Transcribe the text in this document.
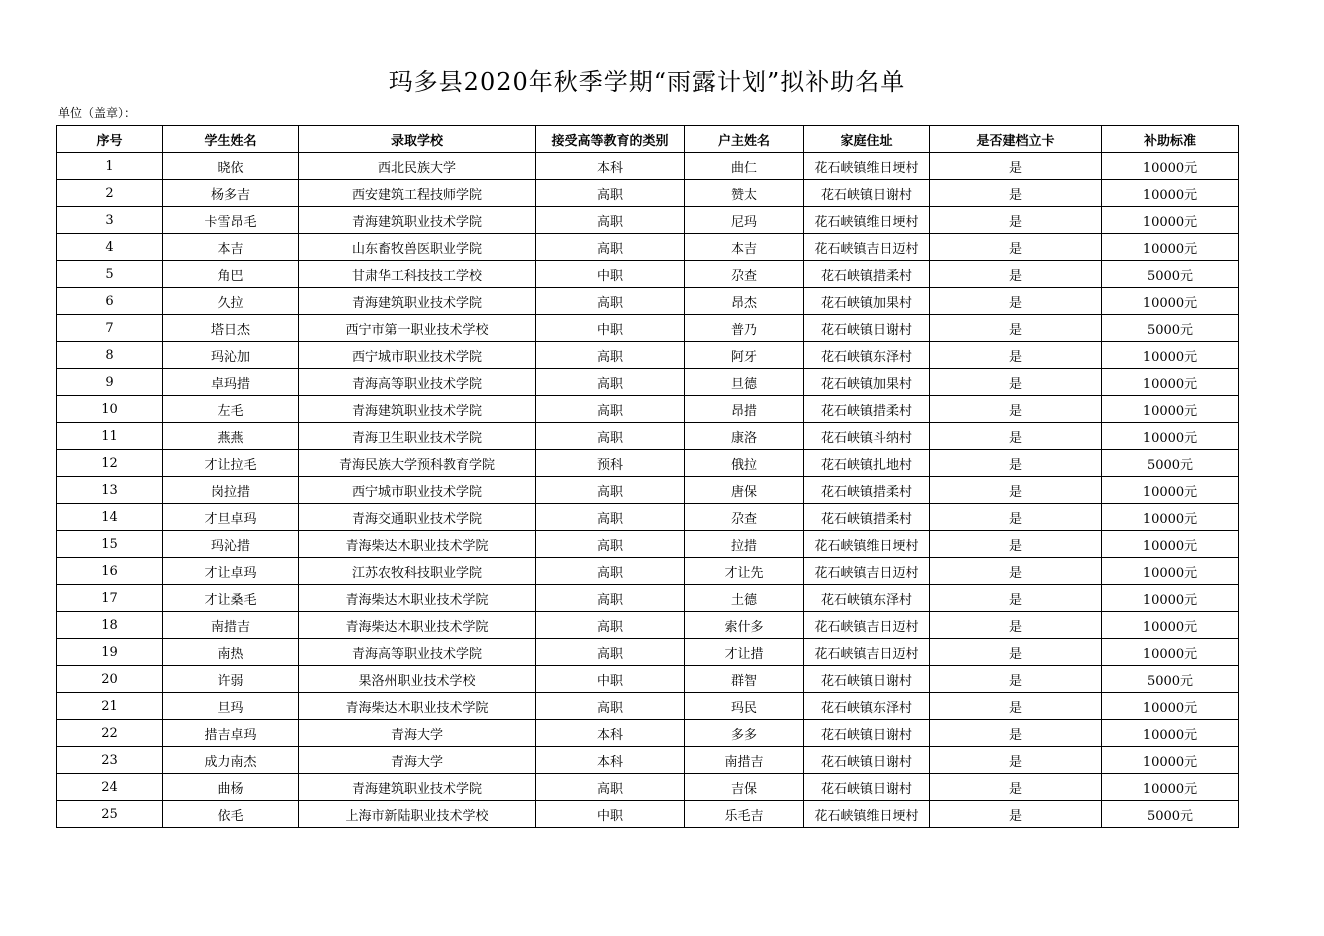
玛多县2020年秋季学期“雨露计划”拟补助名单
单位（盖章）：
序号	学生姓名	录取学校	接受高等教育的类别	户主姓名	家庭住址	是否建档立卡	补助标准
1	晓依	西北民族大学	本科	曲仁	花石峡镇维日埂村	是	10000元
2	杨多吉	西安建筑工程技师学院	高职	赞太	花石峡镇日谢村	是	10000元
3	卡雪昂毛	青海建筑职业技术学院	高职	尼玛	花石峡镇维日埂村	是	10000元
4	本吉	山东畜牧兽医职业学院	高职	本吉	花石峡镇吉日迈村	是	10000元
5	角巴	甘肃华工科技技工学校	中职	尕查	花石峡镇措柔村	是	5000元
6	久拉	青海建筑职业技术学院	高职	昂杰	花石峡镇加果村	是	10000元
7	塔日杰	西宁市第一职业技术学校	中职	普乃	花石峡镇日谢村	是	5000元
8	玛沁加	西宁城市职业技术学院	高职	阿牙	花石峡镇东泽村	是	10000元
9	卓玛措	青海高等职业技术学院	高职	旦德	花石峡镇加果村	是	10000元
10	左毛	青海建筑职业技术学院	高职	昂措	花石峡镇措柔村	是	10000元
11	燕燕	青海卫生职业技术学院	高职	康洛	花石峡镇斗纳村	是	10000元
12	才让拉毛	青海民族大学预科教育学院	预科	俄拉	花石峡镇扎地村	是	5000元
13	岗拉措	西宁城市职业技术学院	高职	唐保	花石峡镇措柔村	是	10000元
14	才旦卓玛	青海交通职业技术学院	高职	尕查	花石峡镇措柔村	是	10000元
15	玛沁措	青海柴达木职业技术学院	高职	拉措	花石峡镇维日埂村	是	10000元
16	才让卓玛	江苏农牧科技职业学院	高职	才让先	花石峡镇吉日迈村	是	10000元
17	才让桑毛	青海柴达木职业技术学院	高职	土德	花石峡镇东泽村	是	10000元
18	南措吉	青海柴达木职业技术学院	高职	索什多	花石峡镇吉日迈村	是	10000元
19	南热	青海高等职业技术学院	高职	才让措	花石峡镇吉日迈村	是	10000元
20	许弱	果洛州职业技术学校	中职	群智	花石峡镇日谢村	是	5000元
21	旦玛	青海柴达木职业技术学院	高职	玛民	花石峡镇东泽村	是	10000元
22	措吉卓玛	青海大学	本科	多多	花石峡镇日谢村	是	10000元
23	成力南杰	青海大学	本科	南措吉	花石峡镇日谢村	是	10000元
24	曲杨	青海建筑职业技术学院	高职	吉保	花石峡镇日谢村	是	10000元
25	依毛	上海市新陆职业技术学校	中职	乐毛吉	花石峡镇维日埂村	是	5000元
